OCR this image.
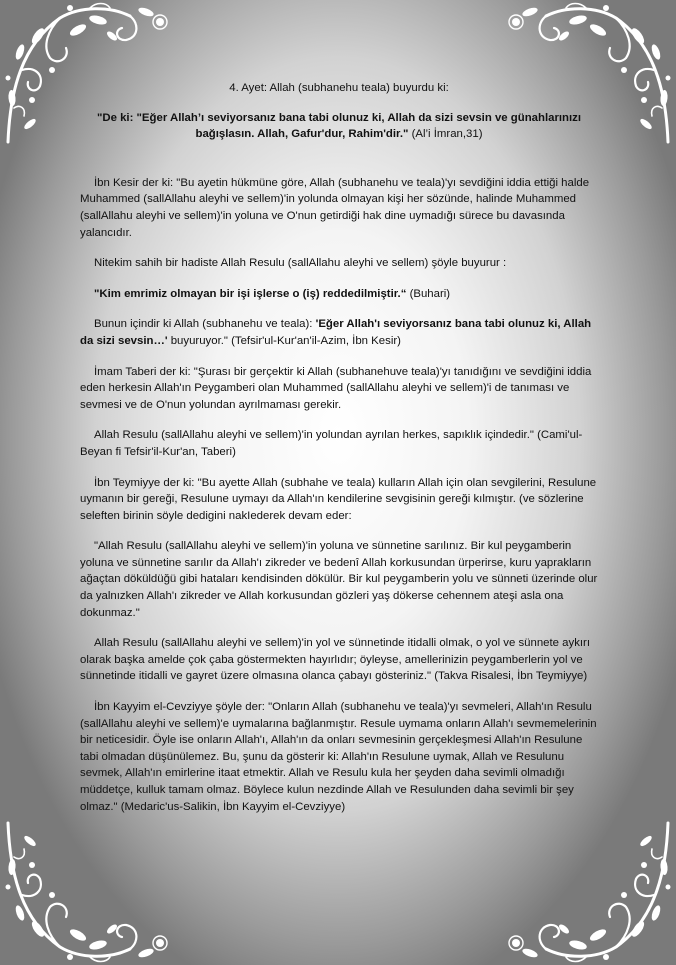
4. Ayet: Allah (subhanehu teala) buyurdu ki:
"De ki: "Eğer Allah’ı seviyorsanız bana tabi olunuz ki, Allah da sizi sevsin ve günahlarınızı bağışlasın. Allah, Gafur'dur, Rahim'dir." (Al’i İmran,31)

İbn Kesir der ki: "Bu ayetin hükmüne göre, Allah (subhanehu ve teala)'yı sevdiğini iddia ettiği halde Muhammed (sallAllahu aleyhi ve sellem)'in yolunda olmayan kişi her sözünde, halinde Muhammed (sallAllahu aleyhi ve sellem)'in yoluna ve O'nun getirdiği hak dine uymadığı sürece bu davasında yalancıdır.

Nitekim sahih bir hadiste Allah Resulu (sallAllahu aleyhi ve sellem) şöyle buyurur :

"Kim emrimiz olmayan bir işi işlerse o (iş) reddedilmiştir.“ (Buhari)

Bunun içindir ki Allah (subhanehu ve teala): 'Eğer Allah'ı seviyorsanız bana tabi olunuz ki, Allah da sizi sevsin…' buyuruyor." (Tefsir'ul-Kur'an'il-Azim, İbn Kesir)

İmam Taberi der ki: "Şurası bir gerçektir ki Allah (subhanehuve teala)'yı tanıdığını ve sevdiğini iddia eden herkesin Allah'ın Peygamberi olan Muhammed (sallAllahu aleyhi ve sellem)'i de tanıması ve sevmesi ve de O'nun yolundan ayrılmaması gerekir.

Allah Resulu (sallAllahu aleyhi ve sellem)'in yolundan ayrılan herkes, sapıklık içindedir." (Cami'ul-Beyan fi Tefsir'il-Kur'an, Taberi)

İbn Teymiyye der ki: "Bu ayette Allah (subhahe ve teala) kulların Allah için olan sevgilerini, Resulune uymanın bir gereği, Resulune uymayı da Allah'ın kendilerine sevgisinin gereği kılmıştır. (ve sözlerine seleften birinin söyle dedigini nakIederek devam eder:

"Allah Resulu (sallAllahu aleyhi ve sellem)'in yoluna ve sünnetine sarılınız. Bir kul peygamberin yoluna ve sünnetine sarılır da Allah'ı zikreder ve bedenî Allah korkusundan ürperirse, kuru yaprakların ağaçtan döküldüğü gibi hataları kendisinden dökülür. Bir kul peygamberin yolu ve sünneti üzerinde olur da yalnızken Allah'ı zikreder ve Allah korkusundan gözleri yaş dökerse cehennem ateşi asla ona dokunmaz."

Allah Resulu (sallAllahu aleyhi ve sellem)'in yol ve sünnetinde itidalli olmak, o yol ve sünnete aykırı olarak başka amelde çok çaba göstermekten hayırlıdır; öyleyse, amellerinizin peygamberlerin yol ve sünnetinde itidalli ve gayret üzere olmasına olanca çabayı gösteriniz." (Takva Risalesi, İbn Teymiyye)

İbn Kayyim el-Cevziyye şöyle der: "Onların Allah (subhanehu ve teala)'yı sevmeleri, Allah'ın Resulu (sallAllahu aleyhi ve sellem)'e uymalarına bağlanmıştır. Resule uymama onların Allah'ı sevmemelerinin bir neticesidir. Öyle ise onların Allah'ı, Allah'ın da onları sevmesinin gerçekleşmesi Allah'ın Resulune tabi olmadan düşünülemez. Bu, şunu da gösterir ki: Allah'ın Resulune uymak, Allah ve Resulunu sevmek, Allah'ın emirlerine itaat etmektir. Allah ve Resulu kula her şeyden daha sevimli olmadığı müddetçe, kulluk tamam olmaz. Böylece kulun nezdinde Allah ve Resulunden daha sevimli bir şey olmaz." (Medaric'us-Salikin, İbn Kayyim el-Cevziyye)
